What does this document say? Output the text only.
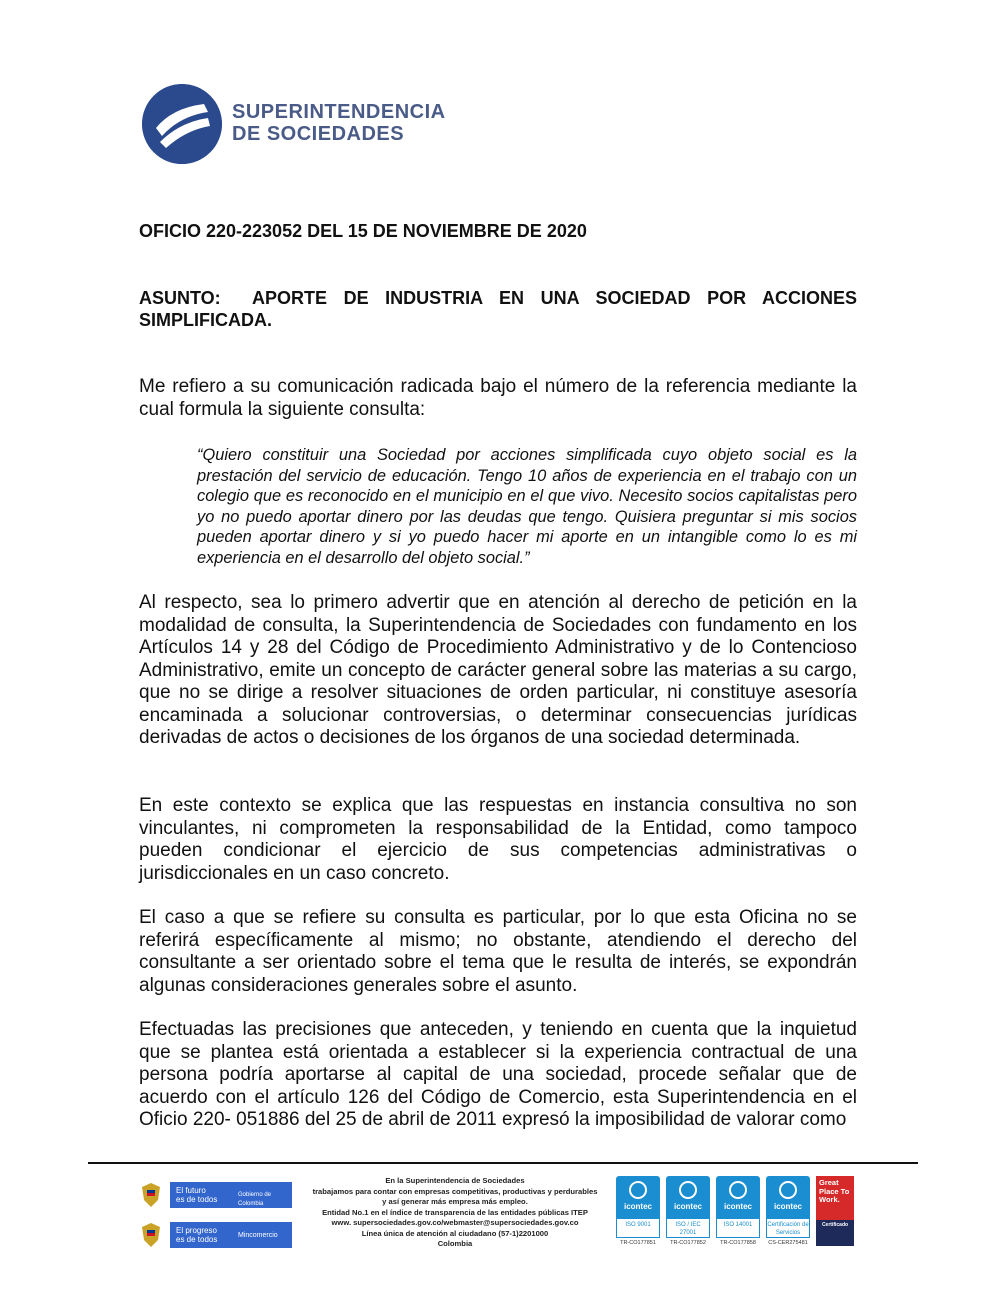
SUPERINTENDENCIA
DE SOCIEDADES
OFICIO 220-223052 DEL 15 DE NOVIEMBRE DE 2020
ASUNTO: APORTE DE INDUSTRIA EN UNA SOCIEDAD POR ACCIONES SIMPLIFICADA.
Me refiero a su comunicación radicada bajo el número de la referencia mediante la cual formula la siguiente consulta:
“Quiero constituir una Sociedad por acciones simplificada cuyo objeto social es la prestación del servicio de educación. Tengo 10 años de experiencia en el trabajo con un colegio que es reconocido en el municipio en el que vivo. Necesito socios capitalistas pero yo no puedo aportar dinero por las deudas que tengo. Quisiera preguntar si mis socios pueden aportar dinero y si yo puedo hacer mi aporte en un intangible como lo es mi experiencia en el desarrollo del objeto social.”
Al respecto, sea lo primero advertir que en atención al derecho de petición en la modalidad de consulta, la Superintendencia de Sociedades con fundamento en los Artículos 14 y 28 del Código de Procedimiento Administrativo y de lo Contencioso Administrativo, emite un concepto de carácter general sobre las materias a su cargo, que no se dirige a resolver situaciones de orden particular, ni constituye asesoría encaminada a solucionar controversias, o determinar consecuencias jurídicas derivadas de actos o decisiones de los órganos de una sociedad determinada.
En este contexto se explica que las respuestas en instancia consultiva no son vinculantes, ni comprometen la responsabilidad de la Entidad, como tampoco pueden condicionar el ejercicio de sus competencias administrativas o jurisdiccionales en un caso concreto.
El caso a que se refiere su consulta es particular, por lo que esta Oficina no se referirá específicamente al mismo; no obstante, atendiendo el derecho del consultante a ser orientado sobre el tema que le resulta de interés, se expondrán algunas consideraciones generales sobre el asunto.
Efectuadas las precisiones que anteceden, y teniendo en cuenta que la inquietud que se plantea está orientada a establecer si la experiencia contractual de una persona podría aportarse al capital de una sociedad, procede señalar que de acuerdo con el artículo 126 del Código de Comercio, esta Superintendencia en el Oficio 220- 051886 del 25 de abril de 2011 expresó la imposibilidad de valorar como
El futuro
es de todos	Gobierno de Colombia
El progreso
es de todos	Mincomercio
En la Superintendencia de Sociedades
trabajamos para contar con empresas competitivas, productivas y perdurables
y así generar más empresa más empleo.
Entidad No.1 en el índice de transparencia de las entidades públicas ITEP
www. supersociedades.gov.co/webmaster@supersociedades.gov.co
Línea única de atención al ciudadano (57-1)2201000
Colombia
icontec
ISO 9001
TR-CO177851
icontec
ISO / IEC 27001
TR-CO177852
icontec
ISO 14001
TR-CO177858
icontec
Certificación de Servicios
CS-CER275481
Great Place To Work.
Certificado
